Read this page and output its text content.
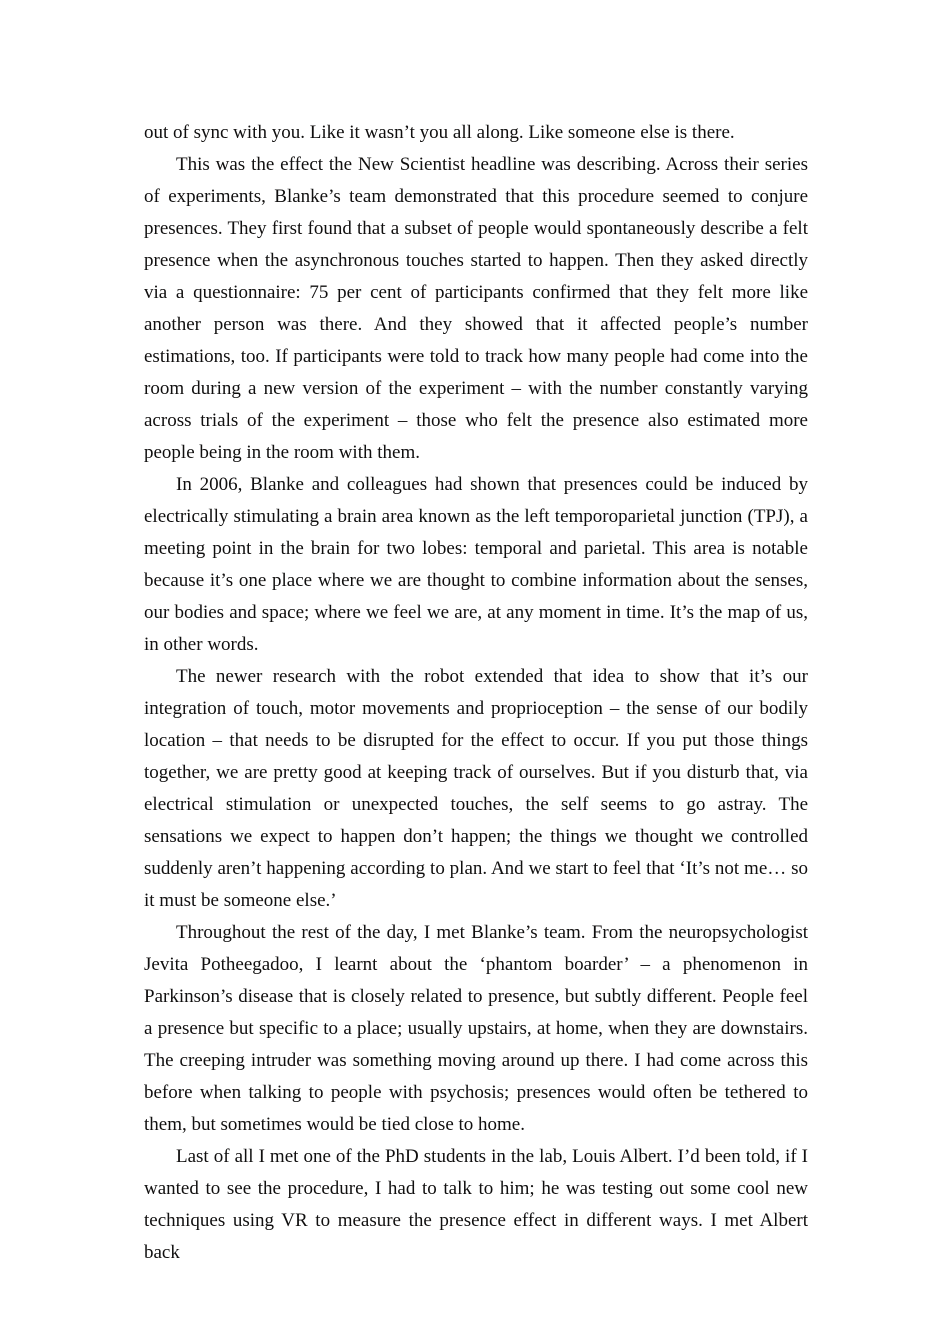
out of sync with you. Like it wasn’t you all along. Like someone else is there.

This was the effect the New Scientist headline was describing. Across their series of experiments, Blanke’s team demonstrated that this procedure seemed to conjure presences. They first found that a subset of people would spontaneously describe a felt presence when the asynchronous touches started to happen. Then they asked directly via a questionnaire: 75 per cent of participants confirmed that they felt more like another person was there. And they showed that it affected people’s number estimations, too. If participants were told to track how many people had come into the room during a new version of the experiment – with the number constantly varying across trials of the experiment – those who felt the presence also estimated more people being in the room with them.

In 2006, Blanke and colleagues had shown that presences could be induced by electrically stimulating a brain area known as the left temporoparietal junction (TPJ), a meeting point in the brain for two lobes: temporal and parietal. This area is notable because it’s one place where we are thought to combine information about the senses, our bodies and space; where we feel we are, at any moment in time. It’s the map of us, in other words.

The newer research with the robot extended that idea to show that it’s our integration of touch, motor movements and proprioception – the sense of our bodily location – that needs to be disrupted for the effect to occur. If you put those things together, we are pretty good at keeping track of ourselves. But if you disturb that, via electrical stimulation or unexpected touches, the self seems to go astray. The sensations we expect to happen don’t happen; the things we thought we controlled suddenly aren’t happening according to plan. And we start to feel that ‘It’s not me… so it must be someone else.’

Throughout the rest of the day, I met Blanke’s team. From the neuropsychologist Jevita Potheegadoo, I learnt about the ‘phantom boarder’ – a phenomenon in Parkinson’s disease that is closely related to presence, but subtly different. People feel a presence but specific to a place; usually upstairs, at home, when they are downstairs. The creeping intruder was something moving around up there. I had come across this before when talking to people with psychosis; presences would often be tethered to them, but sometimes would be tied close to home.

Last of all I met one of the PhD students in the lab, Louis Albert. I’d been told, if I wanted to see the procedure, I had to talk to him; he was testing out some cool new techniques using VR to measure the presence effect in different ways. I met Albert back
